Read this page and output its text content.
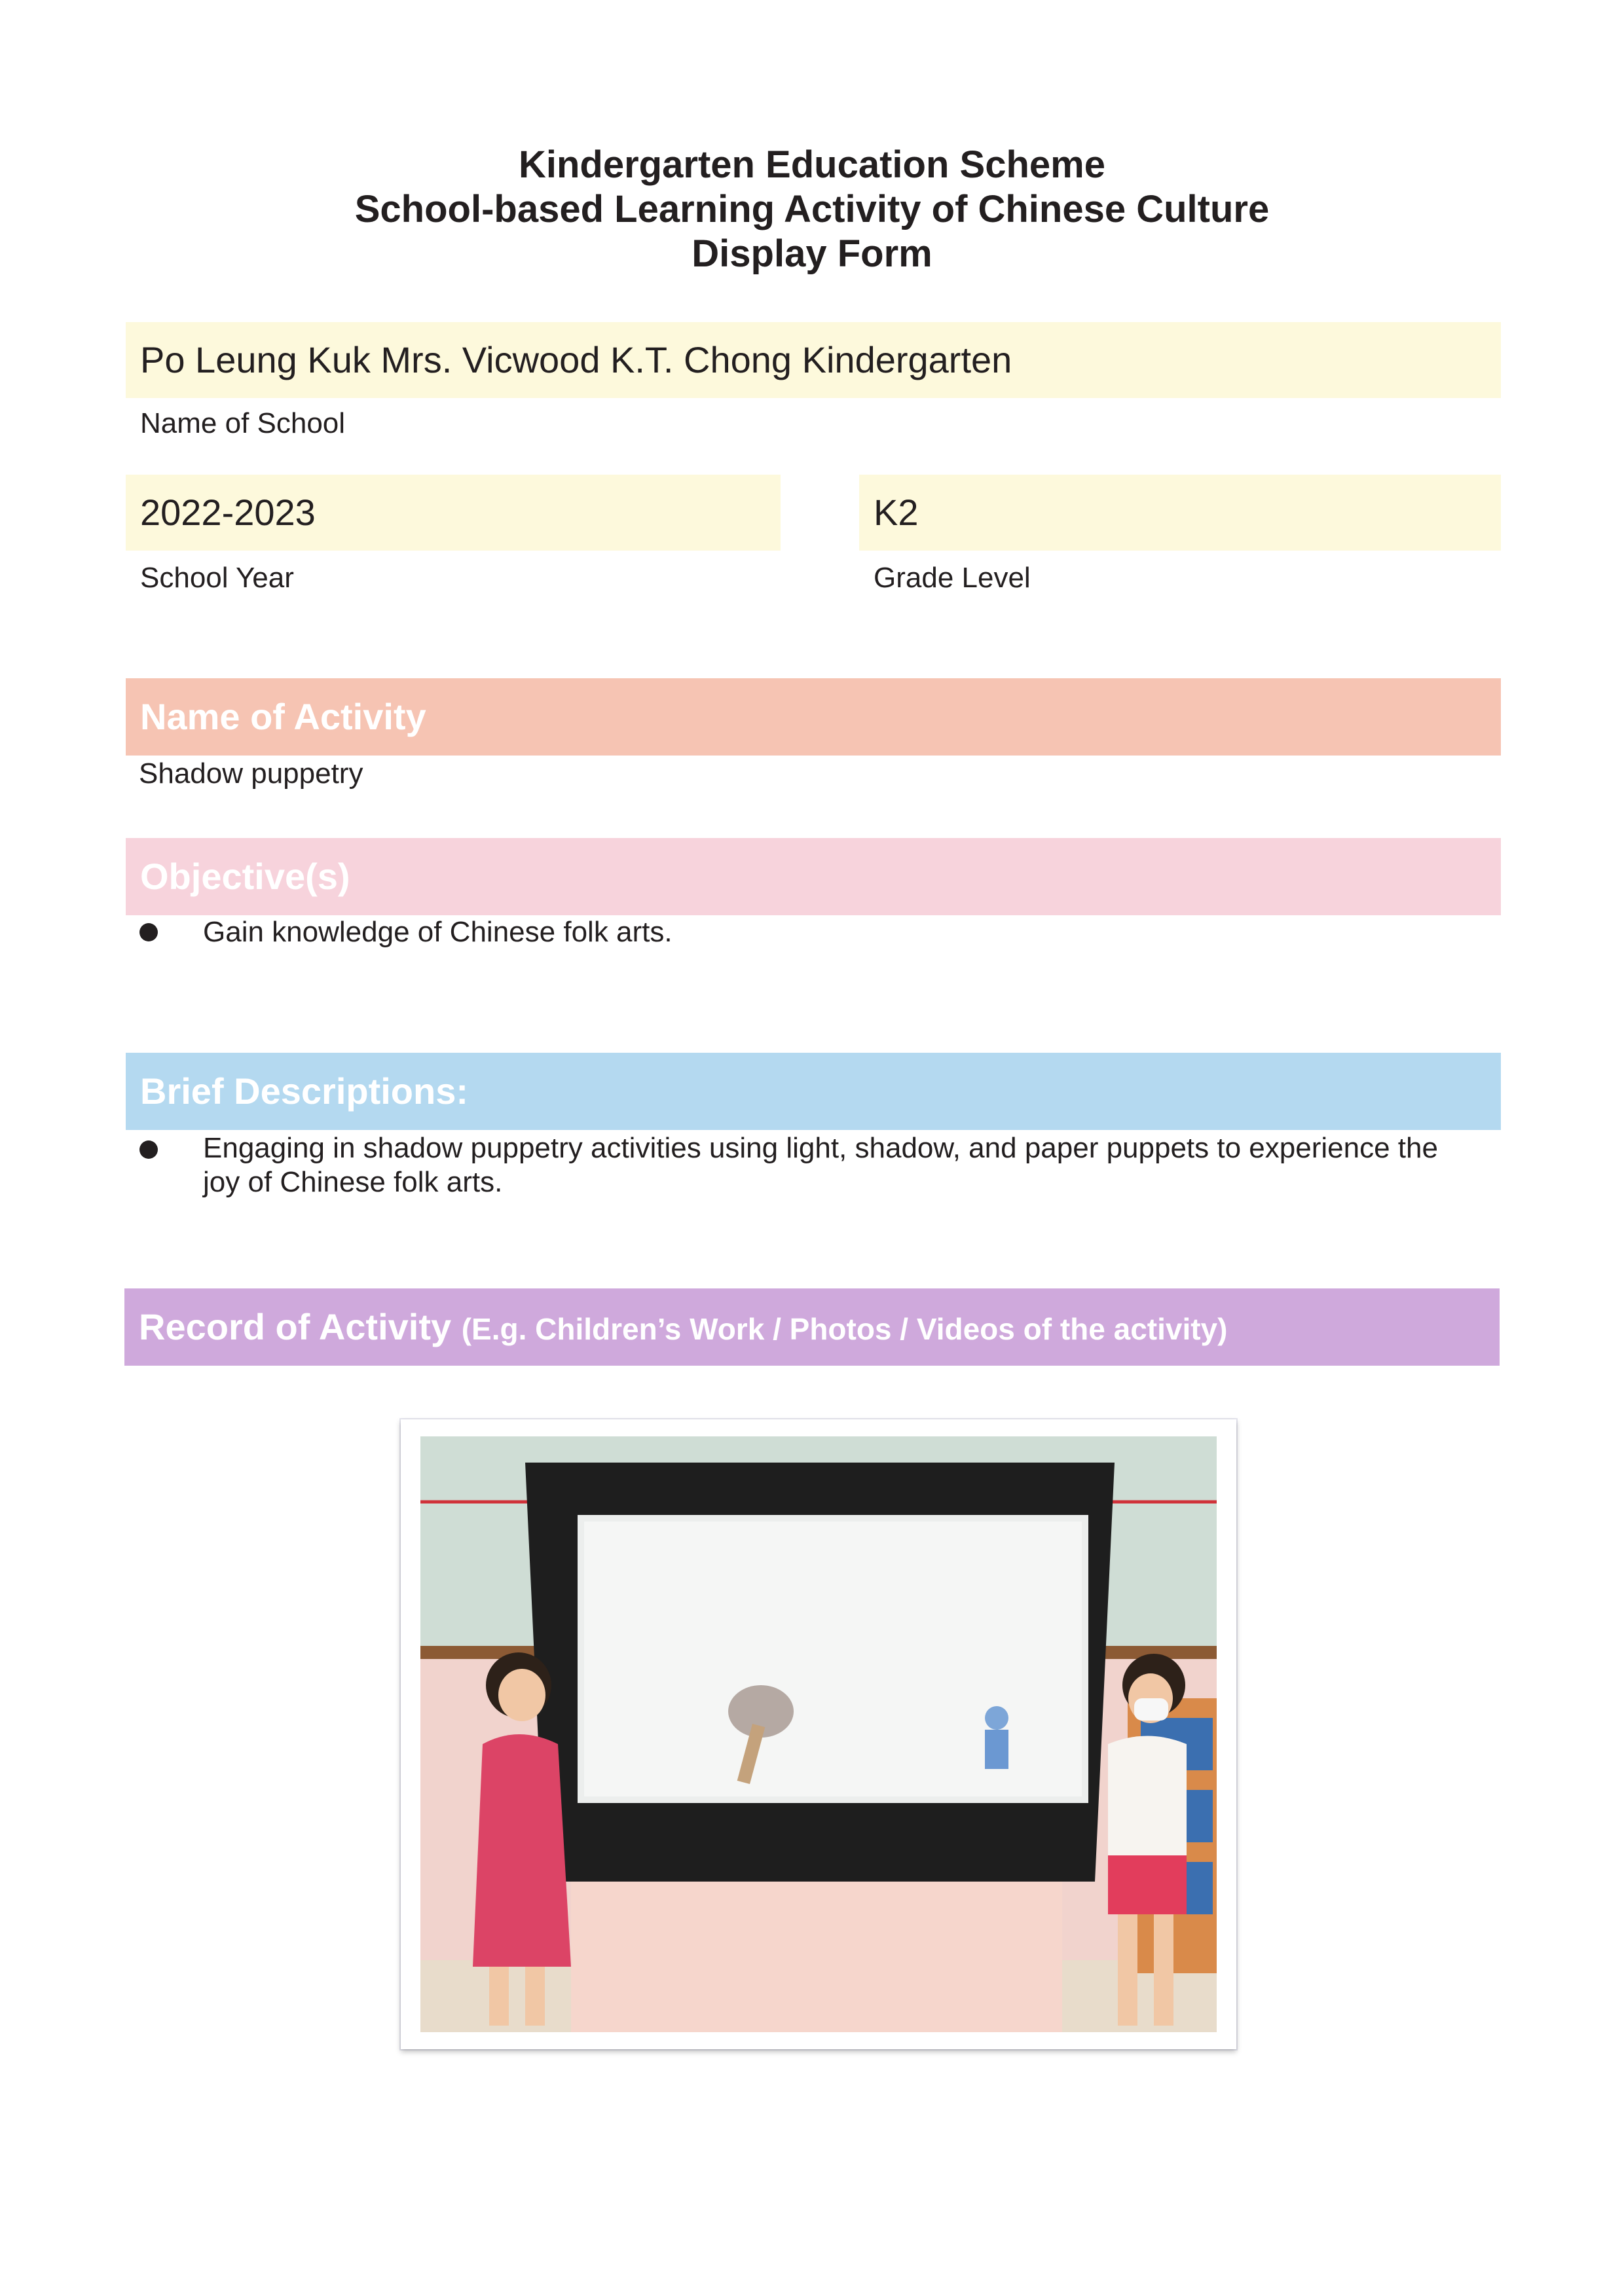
Kindergarten Education Scheme
School-based Learning Activity of Chinese Culture
Display Form
Po Leung Kuk Mrs. Vicwood K.T. Chong Kindergarten
Name of School
2022-2023
School Year
K2
Grade Level
Name of Activity
Shadow puppetry
Objective(s)
Gain knowledge of Chinese folk arts.
Brief Descriptions:
Engaging in shadow puppetry activities using light, shadow, and paper puppets to experience the joy of Chinese folk arts.
Record of Activity (E.g. Children’s Work / Photos / Videos of the activity)
